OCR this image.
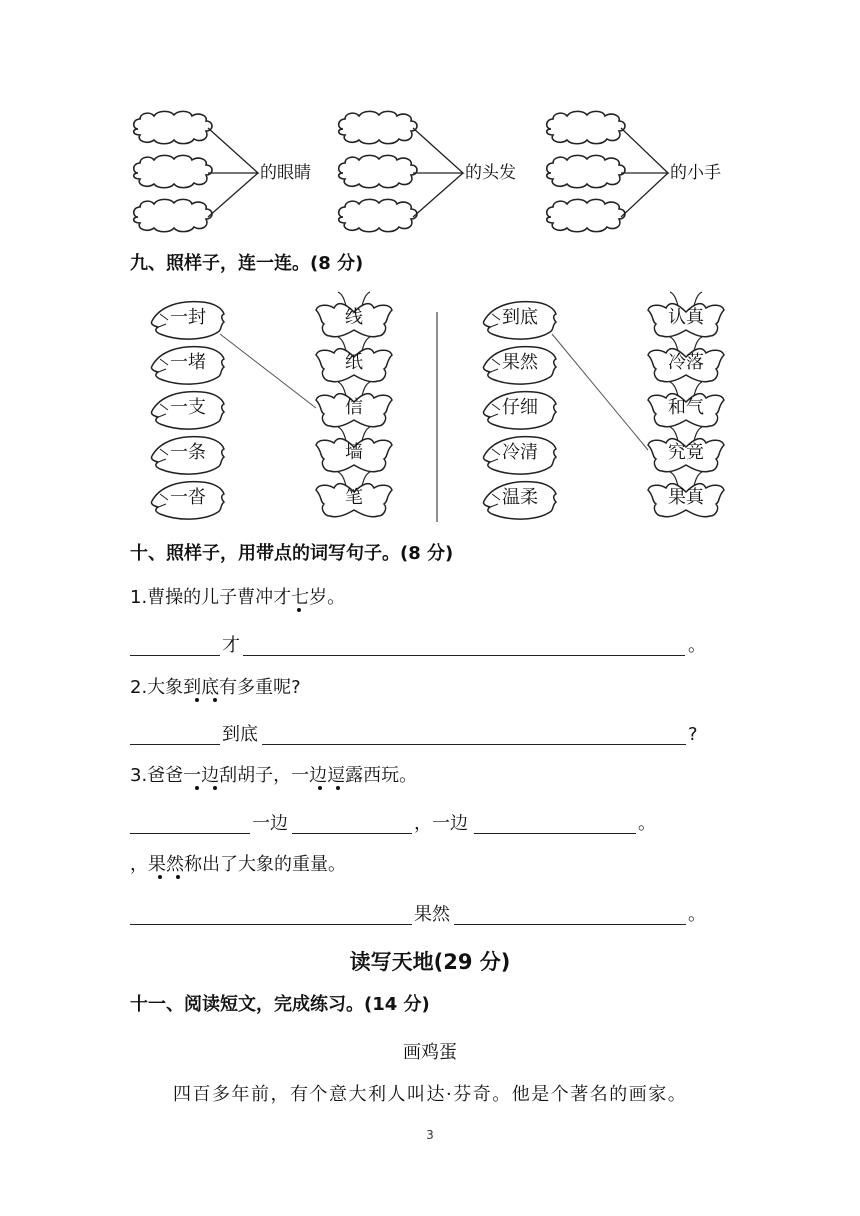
的眼睛	的头发	的小手
九、照样子，连一连。(8 分)
一封
一堵
一支
一条
一沓
线
纸
信
墙
笔
到底
果然
仔细
冷清
温柔
认真
冷落
和气
究竟
果真
十、照样子，用带点的词写句子。(8 分)
1.曹操的儿子曹冲才七岁。
才	。
2.大象到底有多重呢?
到底	?
3.爸爸一边刮胡子，一边逗露西玩。
一边	，一边	。
，果然称出了大象的重量。
果然	。
读写天地(29 分)
十一、阅读短文，完成练习。(14 分)
画鸡蛋
四百多年前，有个意大利人叫达·芬奇。他是个著名的画家。
3
